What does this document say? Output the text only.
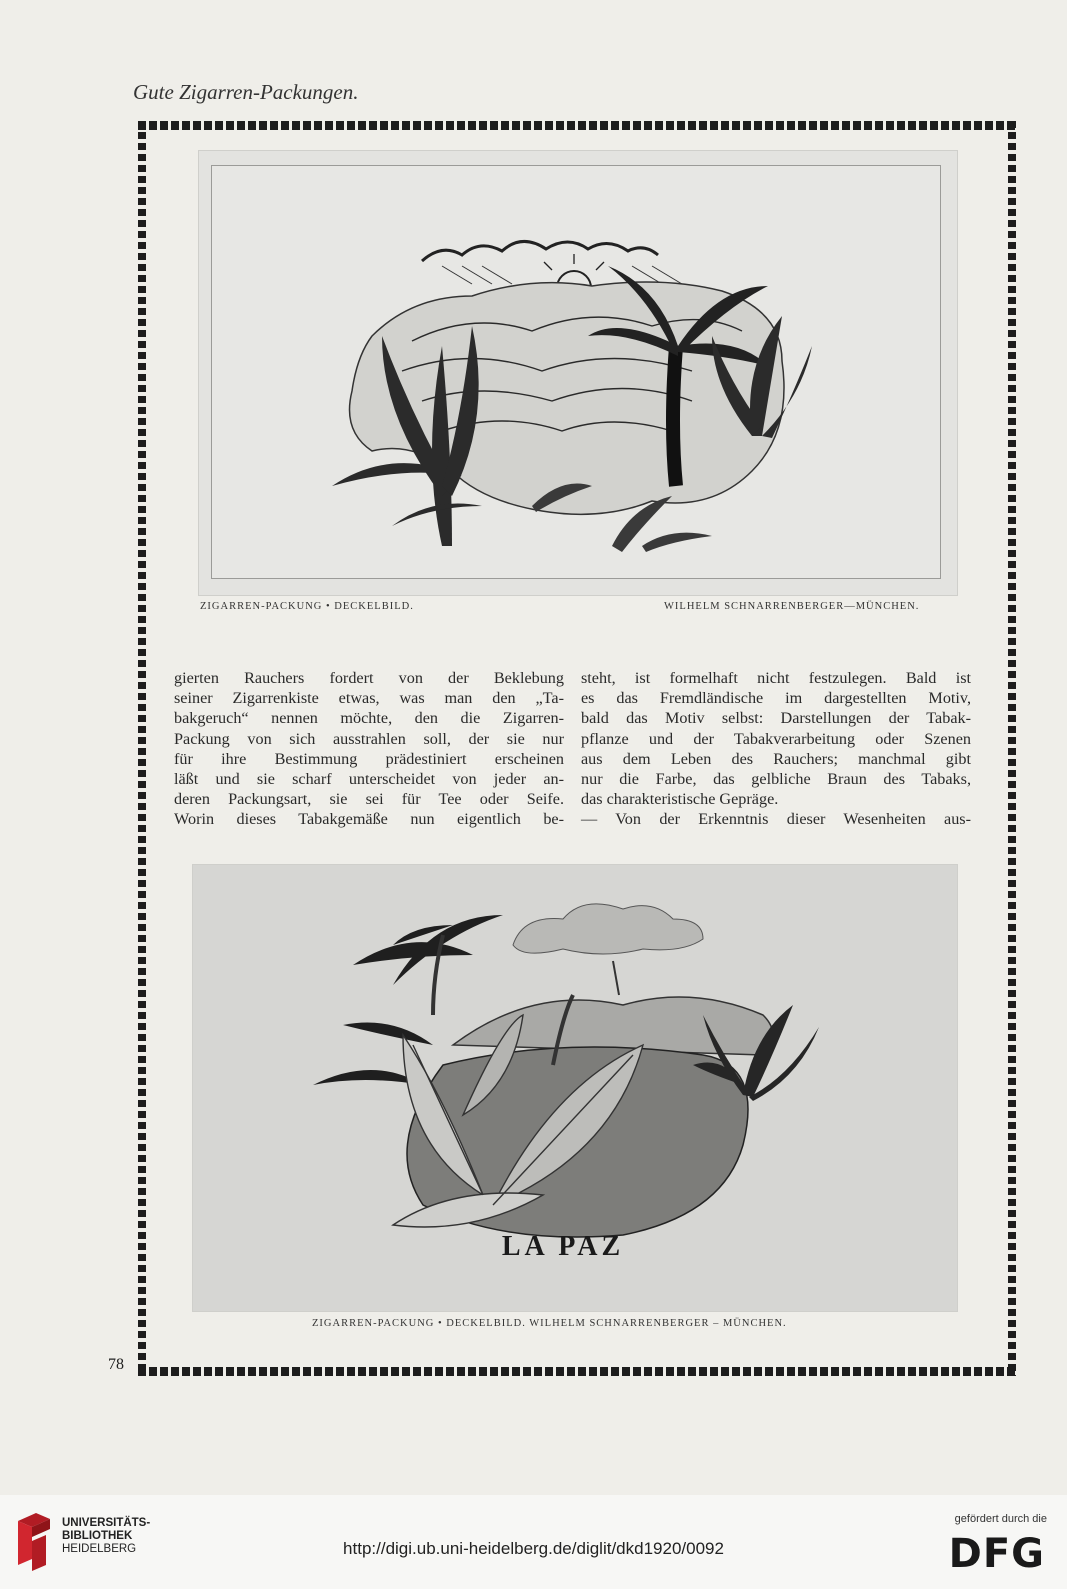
Gute Zigarren-Packungen.
ZIGARREN-PACKUNG • DECKELBILD.	WILHELM SCHNARRENBERGER—MÜNCHEN.
gierten Rauchers fordert von der Beklebung
seiner Zigarrenkiste etwas, was man den „Ta-
bakgeruch“ nennen möchte, den die Zigarren-
Packung von sich ausstrahlen soll, der sie nur
für ihre Bestimmung prädestiniert erscheinen
läßt und sie scharf unterscheidet von jeder an-
deren Packungsart, sie sei für Tee oder Seife.
Worin dieses Tabakgemäße nun eigentlich be-
steht, ist formelhaft nicht festzulegen. Bald ist
es das Fremdländische im dargestellten Motiv,
bald das Motiv selbst: Darstellungen der Tabak-
pflanze und der Tabakverarbeitung oder Szenen
aus dem Leben des Rauchers; manchmal gibt
nur die Farbe, das gelbliche Braun des Tabaks,
das charakteristische Gepräge.
— Von der Erkenntnis dieser Wesenheiten aus-
LA PAZ
ZIGARREN-PACKUNG • DECKELBILD. WILHELM SCHNARRENBERGER – MÜNCHEN.
78
UNIVERSITÄTS-
BIBLIOTHEK
HEIDELBERG	http://digi.ub.uni-heidelberg.de/diglit/dkd1920/0092
gefördert durch die
DFG
